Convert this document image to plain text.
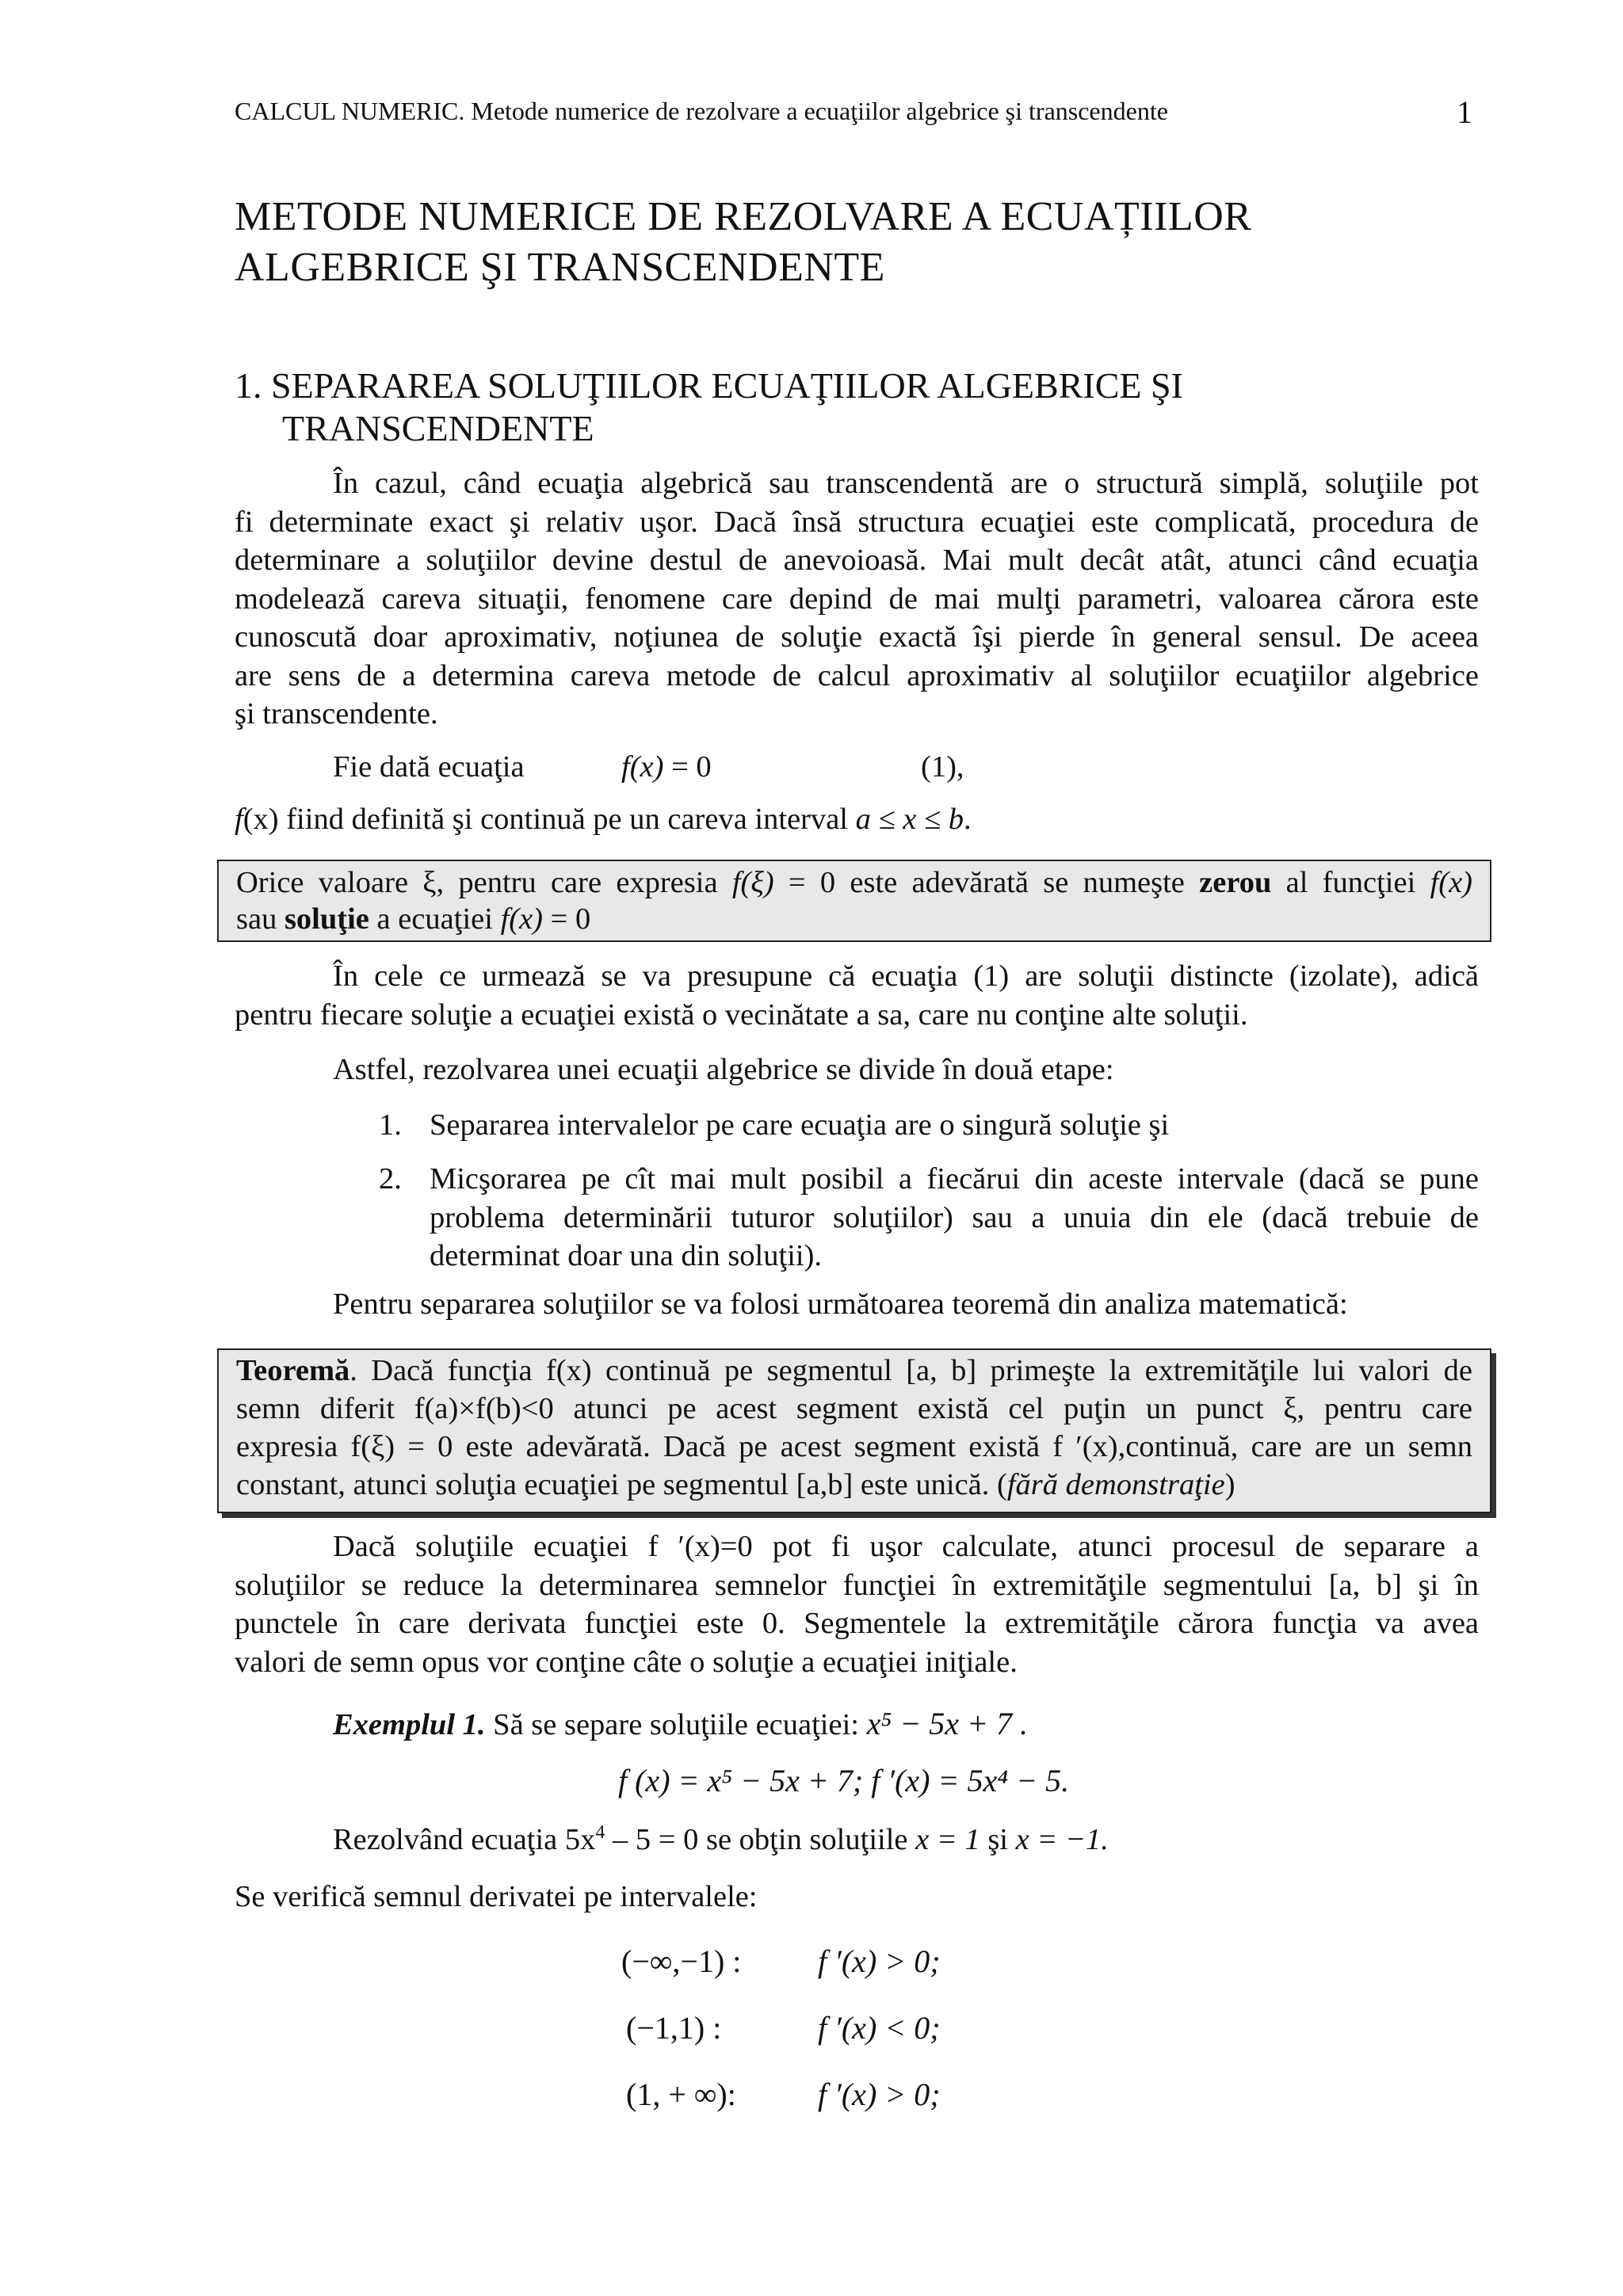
CALCUL NUMERIC. Metode numerice de rezolvare a ecuaţiilor algebrice şi transcendente	1
METODE NUMERICE DE REZOLVARE A ECUAȚIILOR
ALGEBRICE ŞI TRANSCENDENTE
1. SEPARAREA SOLUŢIILOR ECUAŢIILOR ALGEBRICE ŞI
TRANSCENDENTE
În cazul, când ecuaţia algebrică sau transcendentă are o structură simplă, soluţiile pot
fi determinate exact şi relativ uşor. Dacă însă structura ecuaţiei este complicată, procedura de
determinare a soluţiilor devine destul de anevoioasă. Mai mult decât atât, atunci când ecuaţia
modelează careva situaţii, fenomene care depind de mai mulţi parametri, valoarea cărora este
cunoscută doar aproximativ, noţiunea de soluţie exactă îşi pierde în general sensul. De aceea
are sens de a determina careva metode de calcul aproximativ al soluţiilor ecuaţiilor algebrice
şi transcendente.
Fie dată ecuaţia	f(x) = 0	(1),
f(x) fiind definită şi continuă pe un careva interval a ≤ x ≤ b.
Orice valoare ξ, pentru care expresia f(ξ) = 0 este adevărată se numeşte zerou al funcţiei f(x)
sau soluţie a ecuaţiei f(x) = 0
În cele ce urmează se va presupune că ecuaţia (1) are soluţii distincte (izolate), adică
pentru fiecare soluţie a ecuaţiei există o vecinătate a sa, care nu conţine alte soluţii.
Astfel, rezolvarea unei ecuaţii algebrice se divide în două etape:
1. Separarea intervalelor pe care ecuaţia are o singură soluţie şi
2. Micşorarea pe cît mai mult posibil a fiecărui din aceste intervale (dacă se pune
problema determinării tuturor soluţiilor) sau a unuia din ele (dacă trebuie de
determinat doar una din soluţii).
Pentru separarea soluţiilor se va folosi următoarea teoremă din analiza matematică:
Teoremă. Dacă funcţia f(x) continuă pe segmentul [a, b] primeşte la extremităţile lui valori de
semn diferit f(a)×f(b)<0 atunci pe acest segment există cel puţin un punct ξ, pentru care
expresia f(ξ) = 0 este adevărată. Dacă pe acest segment există f ′(x),continuă, care are un semn
constant, atunci soluţia ecuaţiei pe segmentul [a,b] este unică. (fără demonstraţie)
Dacă soluţiile ecuaţiei f ′(x)=0 pot fi uşor calculate, atunci procesul de separare a
soluţiilor se reduce la determinarea semnelor funcţiei în extremităţile segmentului [a, b] şi în
punctele în care derivata funcţiei este 0. Segmentele la extremităţile cărora funcţia va avea
valori de semn opus vor conţine câte o soluţie a ecuaţiei iniţiale.
Exemplul 1. Să se separe soluţiile ecuaţiei: x⁵ − 5x + 7 .
f (x) = x⁵ − 5x + 7; f ′(x) = 5x⁴ − 5.
Rezolvând ecuaţia $5x^4 - 5 = 0$ se obţin soluţiile x = 1 şi x = −1.
Se verifică semnul derivatei pe intervalele:
(−∞,−1) : f ′(x) > 0;
(−1,1) :	f ′(x) < 0;
(1, + ∞):	f ′(x) > 0;
